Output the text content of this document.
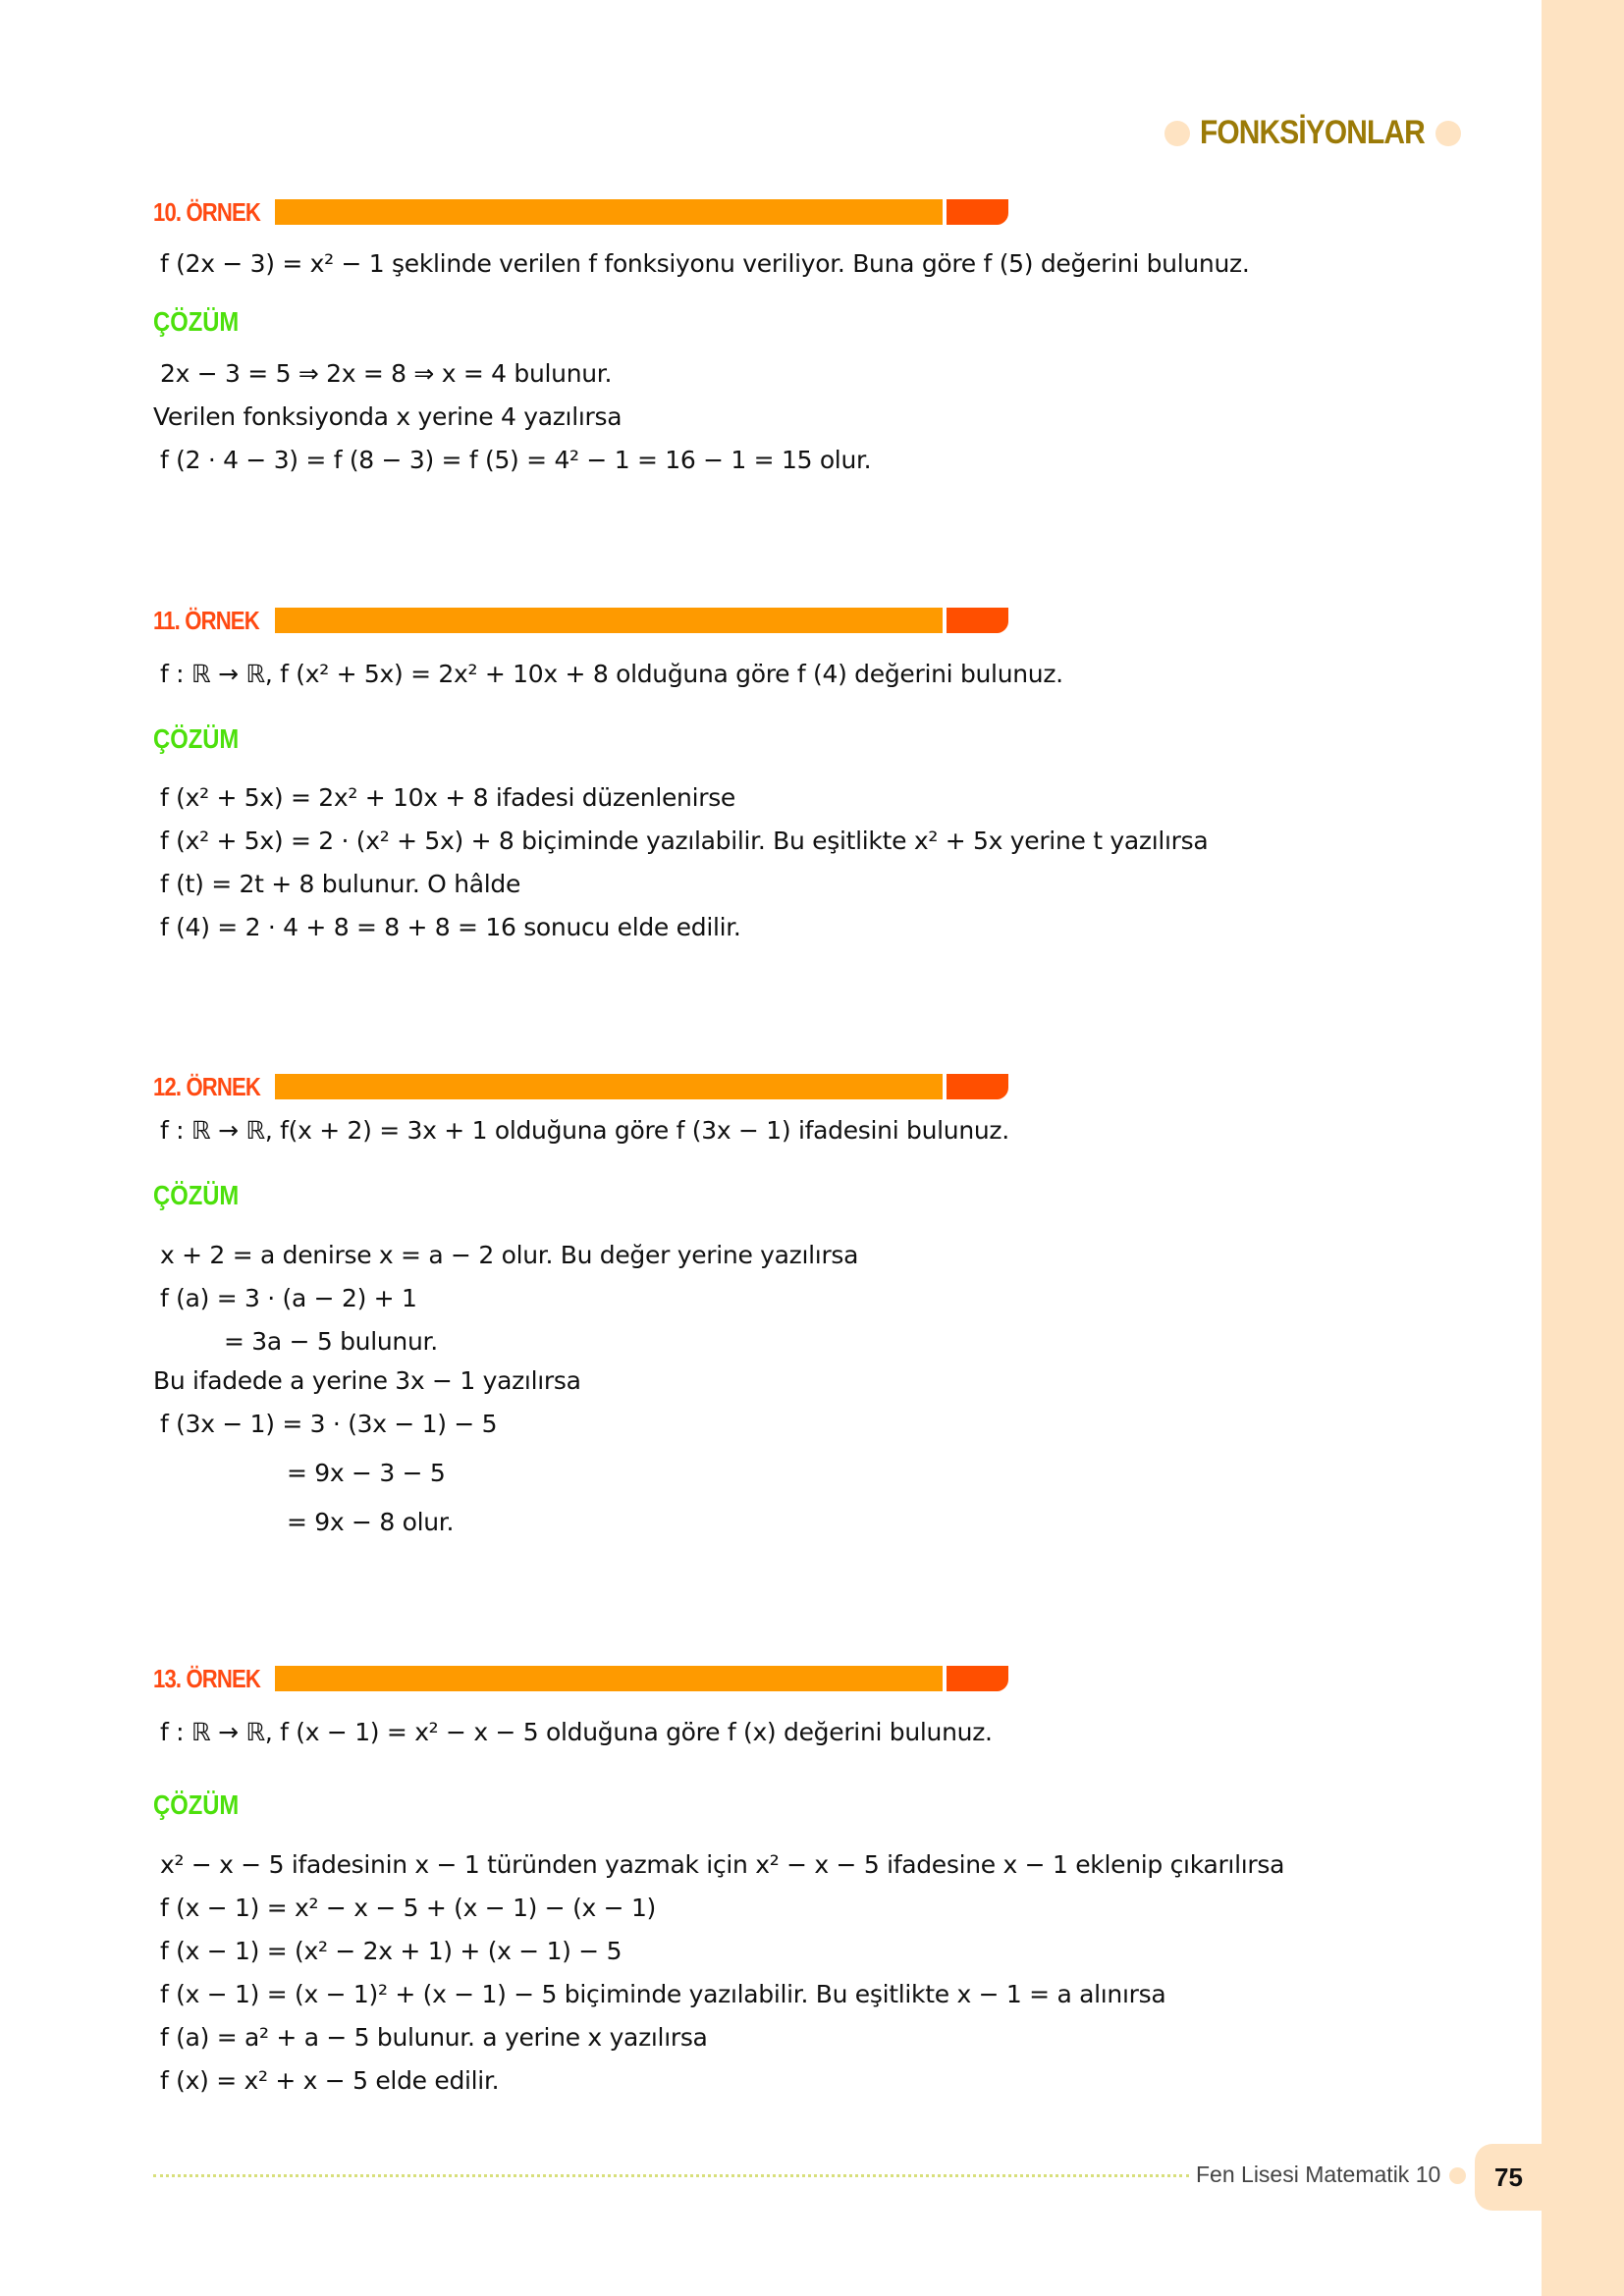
FONKSİYONLAR
10. ÖRNEK
f (2x − 3) = x² − 1 şeklinde verilen f fonksiyonu veriliyor. Buna göre f (5) değerini bulunuz.
ÇÖZÜM
2x − 3 = 5 ⇒ 2x = 8 ⇒ x = 4 bulunur.
Verilen fonksiyonda x yerine 4 yazılırsa
f (2 · 4 − 3) = f (8 − 3) = f (5) = 4² − 1 = 16 − 1 = 15 olur.
11. ÖRNEK
f : ℝ → ℝ, f (x² + 5x) = 2x² + 10x + 8 olduğuna göre f (4) değerini bulunuz.
ÇÖZÜM
f (x² + 5x) = 2x² + 10x + 8 ifadesi düzenlenirse
f (x² + 5x) = 2 · (x² + 5x) + 8 biçiminde yazılabilir. Bu eşitlikte x² + 5x yerine t yazılırsa
f (t) = 2t + 8 bulunur. O hâlde
f (4) = 2 · 4 + 8 = 8 + 8 = 16 sonucu elde edilir.
12. ÖRNEK
f : ℝ → ℝ, f(x + 2) = 3x + 1 olduğuna göre f (3x − 1) ifadesini bulunuz.
ÇÖZÜM
x + 2 = a denirse x = a − 2 olur. Bu değer yerine yazılırsa
f (a) = 3 · (a − 2) + 1
= 3a − 5 bulunur.
Bu ifadede a yerine 3x − 1 yazılırsa
f (3x − 1) = 3 · (3x − 1) − 5
= 9x − 3 − 5
= 9x − 8 olur.
13. ÖRNEK
f : ℝ → ℝ, f (x − 1) = x² − x − 5 olduğuna göre f (x) değerini bulunuz.
ÇÖZÜM
x² − x − 5 ifadesinin x − 1 türünden yazmak için x² − x − 5 ifadesine x − 1 eklenip çıkarılırsa
f (x − 1) = x² − x − 5 + (x − 1) − (x − 1)
f (x − 1) = (x² − 2x + 1) + (x − 1) − 5
f (x − 1) = (x − 1)² + (x − 1) − 5 biçiminde yazılabilir. Bu eşitlikte x − 1 = a alınırsa
f (a) = a² + a − 5 bulunur. a yerine x yazılırsa
f (x) = x² + x − 5 elde edilir.
Fen Lisesi Matematik 10 75
